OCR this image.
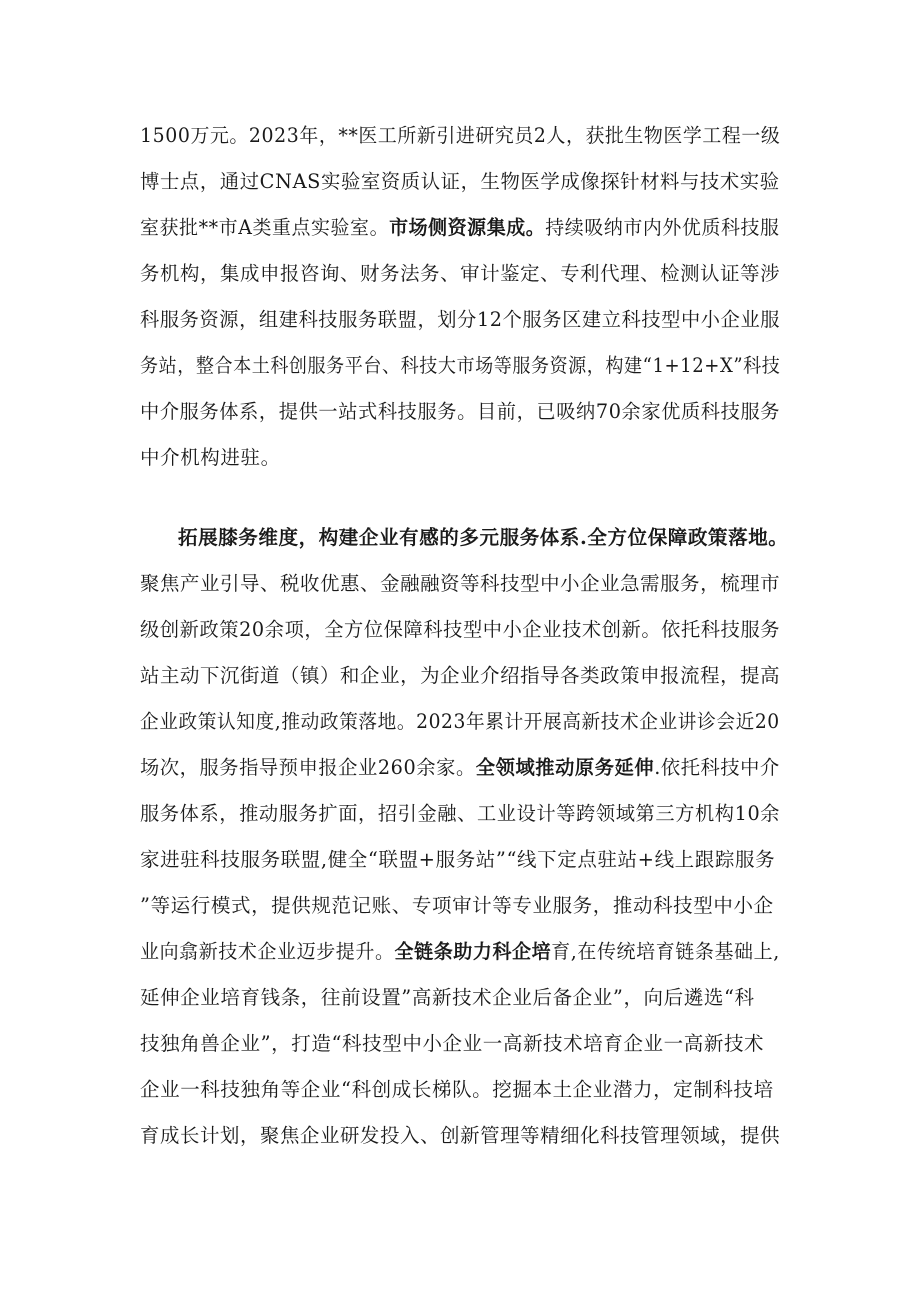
1500万元。2023年，**医工所新引进研究员2人，获批生物医学工程一级
博士点，通过CNAS实验室资质认证，生物医学成像探针材料与技术实验
室获批**市A类重点实验室。市场侧资源集成。持续吸纳市内外优质科技服
务机构，集成申报咨询、财务法务、审计鉴定、专利代理、检测认证等涉
科服务资源，组建科技服务联盟，划分12个服务区建立科技型中小企业服
务站，整合本土科创服务平台、科技大市场等服务资源，构建“1+12+X”科技
中介服务体系，提供一站式科技服务。目前，已吸纳70余家优质科技服务
中介机构进驻。
拓展膝务维度，构建企业有感的多元服务体系.全方位保障政策落地。
聚焦产业引导、税收优惠、金融融资等科技型中小企业急需服务，梳理市
级创新政策20余项，全方位保障科技型中小企业技术创新。依托科技服务
站主动下沉街道（镇）和企业，为企业介绍指导各类政策申报流程，提高
企业政策认知度,推动政策落地。2023年累计开展高新技术企业讲诊会近20
场次，服务指导预申报企业260余家。全领域推动原务延伸.依托科技中介
服务体系，推动服务扩面，招引金融、工业设计等跨领域第三方机构10余
家进驻科技服务联盟,健全“联盟+服务站”“线下定点驻站+线上跟踪服务
”等运行模式，提供规范记账、专项审计等专业服务，推动科技型中小企
业向翕新技术企业迈步提升。全链条助力科企培育,在传统培育链条基础上,
延伸企业培育钱条，往前设置”高新技术企业后备企业”，向后遴选“科
技独角兽企业”，打造“科技型中小企业一高新技术培育企业一高新技术
企业一科技独角等企业“科创成长梯队。挖掘本土企业潜力，定制科技培
育成长计划，聚焦企业研发投入、创新管理等精细化科技管理领域，提供
